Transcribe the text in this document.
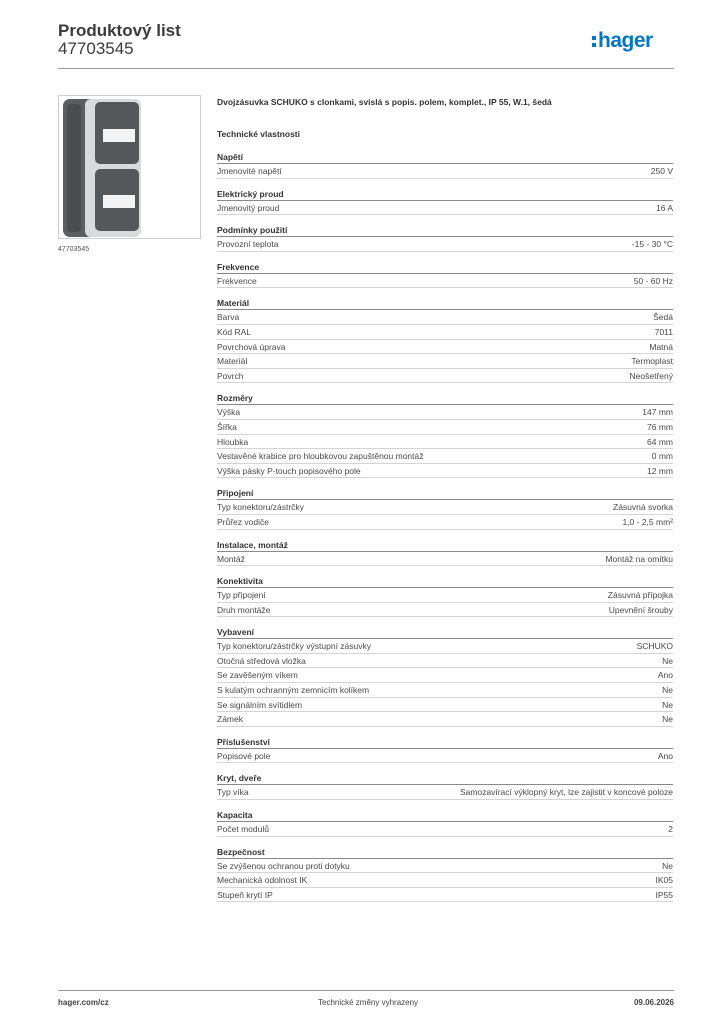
Produktový list
47703545	hager
47703545
Dvojzásuvka SCHUKO s clonkami, svislá s popis. polem, komplet., IP 55, W.1, šedá
Technické vlastnosti
Napětí
Jmenovité napětí	250 V
Elektrický proud
Jmenovitý proud	16 A
Podmínky použití
Provozní teplota	-15 - 30 °C
Frekvence
Frekvence	50 - 60 Hz
Materiál
Barva	Šedá
Kód RAL	7011
Povrchová úprava	Matná
Materiál	Termoplast
Povrch	Neošetřený
Rozměry
Výška	147 mm
Šířka	76 mm
Hloubka	64 mm
Vestavěné krabice pro hloubkovou zapuštěnou montáž	0 mm
Výška pásky P-touch popisového pole	12 mm
Připojení
Typ konektoru/zástrčky	Zásuvná svorka
Průřez vodiče	1,0 - 2,5 mm²
Instalace, montáž
Montáž	Montáž na omítku
Konektivita
Typ připojení	Zásuvná přípojka
Druh montáže	Upevnění šrouby
Vybavení
Typ konektoru/zástrčky výstupní zásuvky	SCHUKO
Otočná středová vložka	Ne
Se zavěšeným víkem	Ano
S kulatým ochranným zemnicím kolíkem	Ne
Se signálním svítidlem	Ne
Zámek	Ne
Příslušenství
Popisové pole	Ano
Kryt, dveře
Typ víka	Samozavírací výklopný kryt, lze zajistit v koncové poloze
Kapacita
Počet modulů	2
Bezpečnost
Se zvýšenou ochranou proti dotyku	Ne
Mechanická odolnost IK	IK05
Stupeň krytí IP	IP55
hager.com/cz	Technické změny vyhrazeny	09.06.2026
